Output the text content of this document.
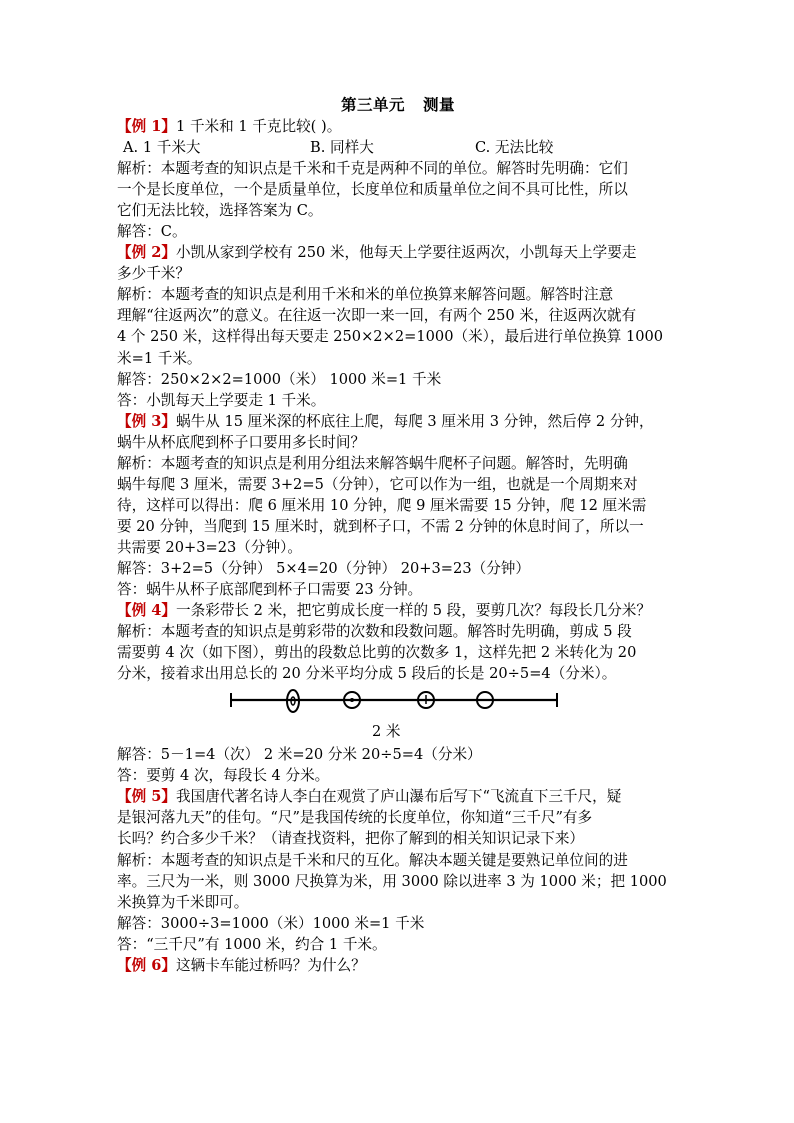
第三单元 测量
【例 1】1 千米和 1 千克比较( )。
A. 1 千米大	B. 同样大	C. 无法比较
解析：本题考查的知识点是千米和千克是两种不同的单位。解答时先明确：它们
一个是长度单位，一个是质量单位，长度单位和质量单位之间不具可比性，所以
它们无法比较，选择答案为 C。
解答：C。
【例 2】小凯从家到学校有 250 米，他每天上学要往返两次，小凯每天上学要走
多少千米？
解析：本题考查的知识点是利用千米和米的单位换算来解答问题。解答时注意
理解“往返两次”的意义。在往返一次即一来一回，有两个 250 米，往返两次就有
4 个 250 米，这样得出每天要走 250×2×2=1000（米），最后进行单位换算 1000
米=1 千米。
解答：250×2×2=1000（米） 1000 米=1 千米
答：小凯每天上学要走 1 千米。
【例 3】蜗牛从 15 厘米深的杯底往上爬，每爬 3 厘米用 3 分钟，然后停 2 分钟，
蜗牛从杯底爬到杯子口要用多长时间？
解析：本题考查的知识点是利用分组法来解答蜗牛爬杯子问题。解答时，先明确
蜗牛每爬 3 厘米，需要 3+2=5（分钟），它可以作为一组，也就是一个周期来对
待，这样可以得出：爬 6 厘米用 10 分钟，爬 9 厘米需要 15 分钟，爬 12 厘米需
要 20 分钟，当爬到 15 厘米时，就到杯子口，不需 2 分钟的休息时间了，所以一
共需要 20+3=23（分钟）。
解答：3+2=5（分钟） 5×4=20（分钟） 20+3=23（分钟）
答：蜗牛从杯子底部爬到杯子口需要 23 分钟。
【例 4】一条彩带长 2 米，把它剪成长度一样的 5 段，要剪几次？每段长几分米？
解析：本题考查的知识点是剪彩带的次数和段数问题。解答时先明确，剪成 5 段
需要剪 4 次（如下图），剪出的段数总比剪的次数多 1，这样先把 2 米转化为 20
分米，接着求出用总长的 20 分米平均分成 5 段后的长是 20÷5=4（分米）。
2 米
解答：5－1=4（次） 2 米=20 分米 20÷5=4（分米）
答：要剪 4 次，每段长 4 分米。
【例 5】我国唐代著名诗人李白在观赏了庐山瀑布后写下“飞流直下三千尺，疑
是银河落九天”的佳句。“尺”是我国传统的长度单位，你知道“三千尺”有多
长吗？约合多少千米？（请查找资料，把你了解到的相关知识记录下来）
解析：本题考查的知识点是千米和尺的互化。解决本题关键是要熟记单位间的进
率。三尺为一米，则 3000 尺换算为米，用 3000 除以进率 3 为 1000 米；把 1000
米换算为千米即可。
解答：3000÷3=1000（米）1000 米=1 千米
答：“三千尺”有 1000 米，约合 1 千米。
【例 6】这辆卡车能过桥吗？为什么？
